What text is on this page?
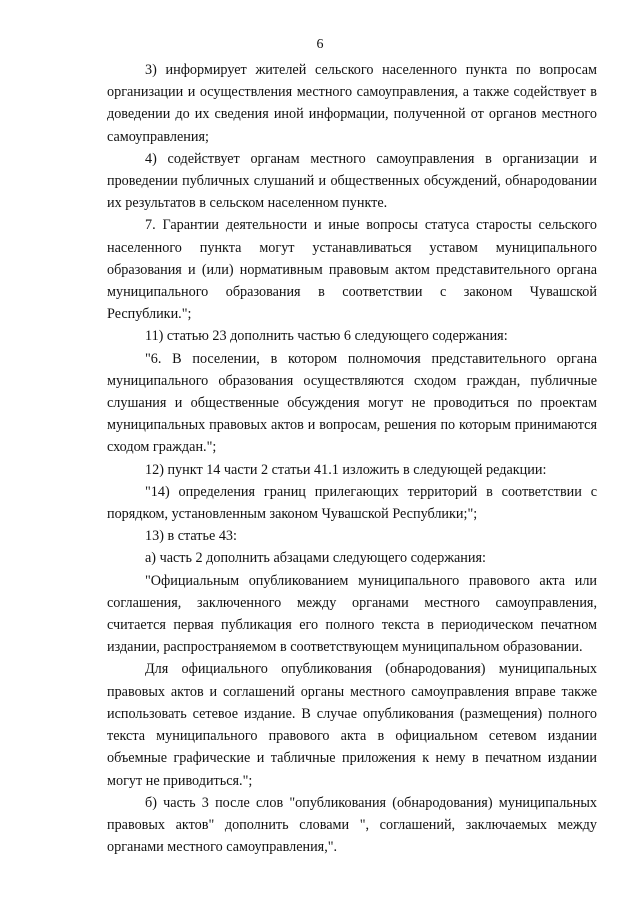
6

3) информирует жителей сельского населенного пункта по вопросам организации и осуществления местного самоуправления, а также содействует в доведении до их сведения иной информации, полученной от органов местного самоуправления;

4) содействует органам местного самоуправления в организации и проведении публичных слушаний и общественных обсуждений, обнародовании их результатов в сельском населенном пункте.

7. Гарантии деятельности и иные вопросы статуса старосты сельского населенного пункта могут устанавливаться уставом муниципального образования и (или) нормативным правовым актом представительного органа муниципального образования в соответствии с законом Чувашской Республики.";

11) статью 23 дополнить частью 6 следующего содержания:

"6. В поселении, в котором полномочия представительного органа муниципального образования осуществляются сходом граждан, публичные слушания и общественные обсуждения могут не проводиться по проектам муниципальных правовых актов и вопросам, решения по которым принимаются сходом граждан.";

12) пункт 14 части 2 статьи 41.1 изложить в следующей редакции:

"14) определения границ прилегающих территорий в соответствии с порядком, установленным законом Чувашской Республики;";

13) в статье 43:

а) часть 2 дополнить абзацами следующего содержания:

"Официальным опубликованием муниципального правового акта или соглашения, заключенного между органами местного самоуправления, считается первая публикация его полного текста в периодическом печатном издании, распространяемом в соответствующем муниципальном образовании.

Для официального опубликования (обнародования) муниципальных правовых актов и соглашений органы местного самоуправления вправе также использовать сетевое издание. В случае опубликования (размещения) полного текста муниципального правового акта в официальном сетевом издании объемные графические и табличные приложения к нему в печатном издании могут не приводиться.";

б) часть 3 после слов "опубликования (обнародования) муниципальных правовых актов" дополнить словами ", соглашений, заключаемых между органами местного самоуправления,".
